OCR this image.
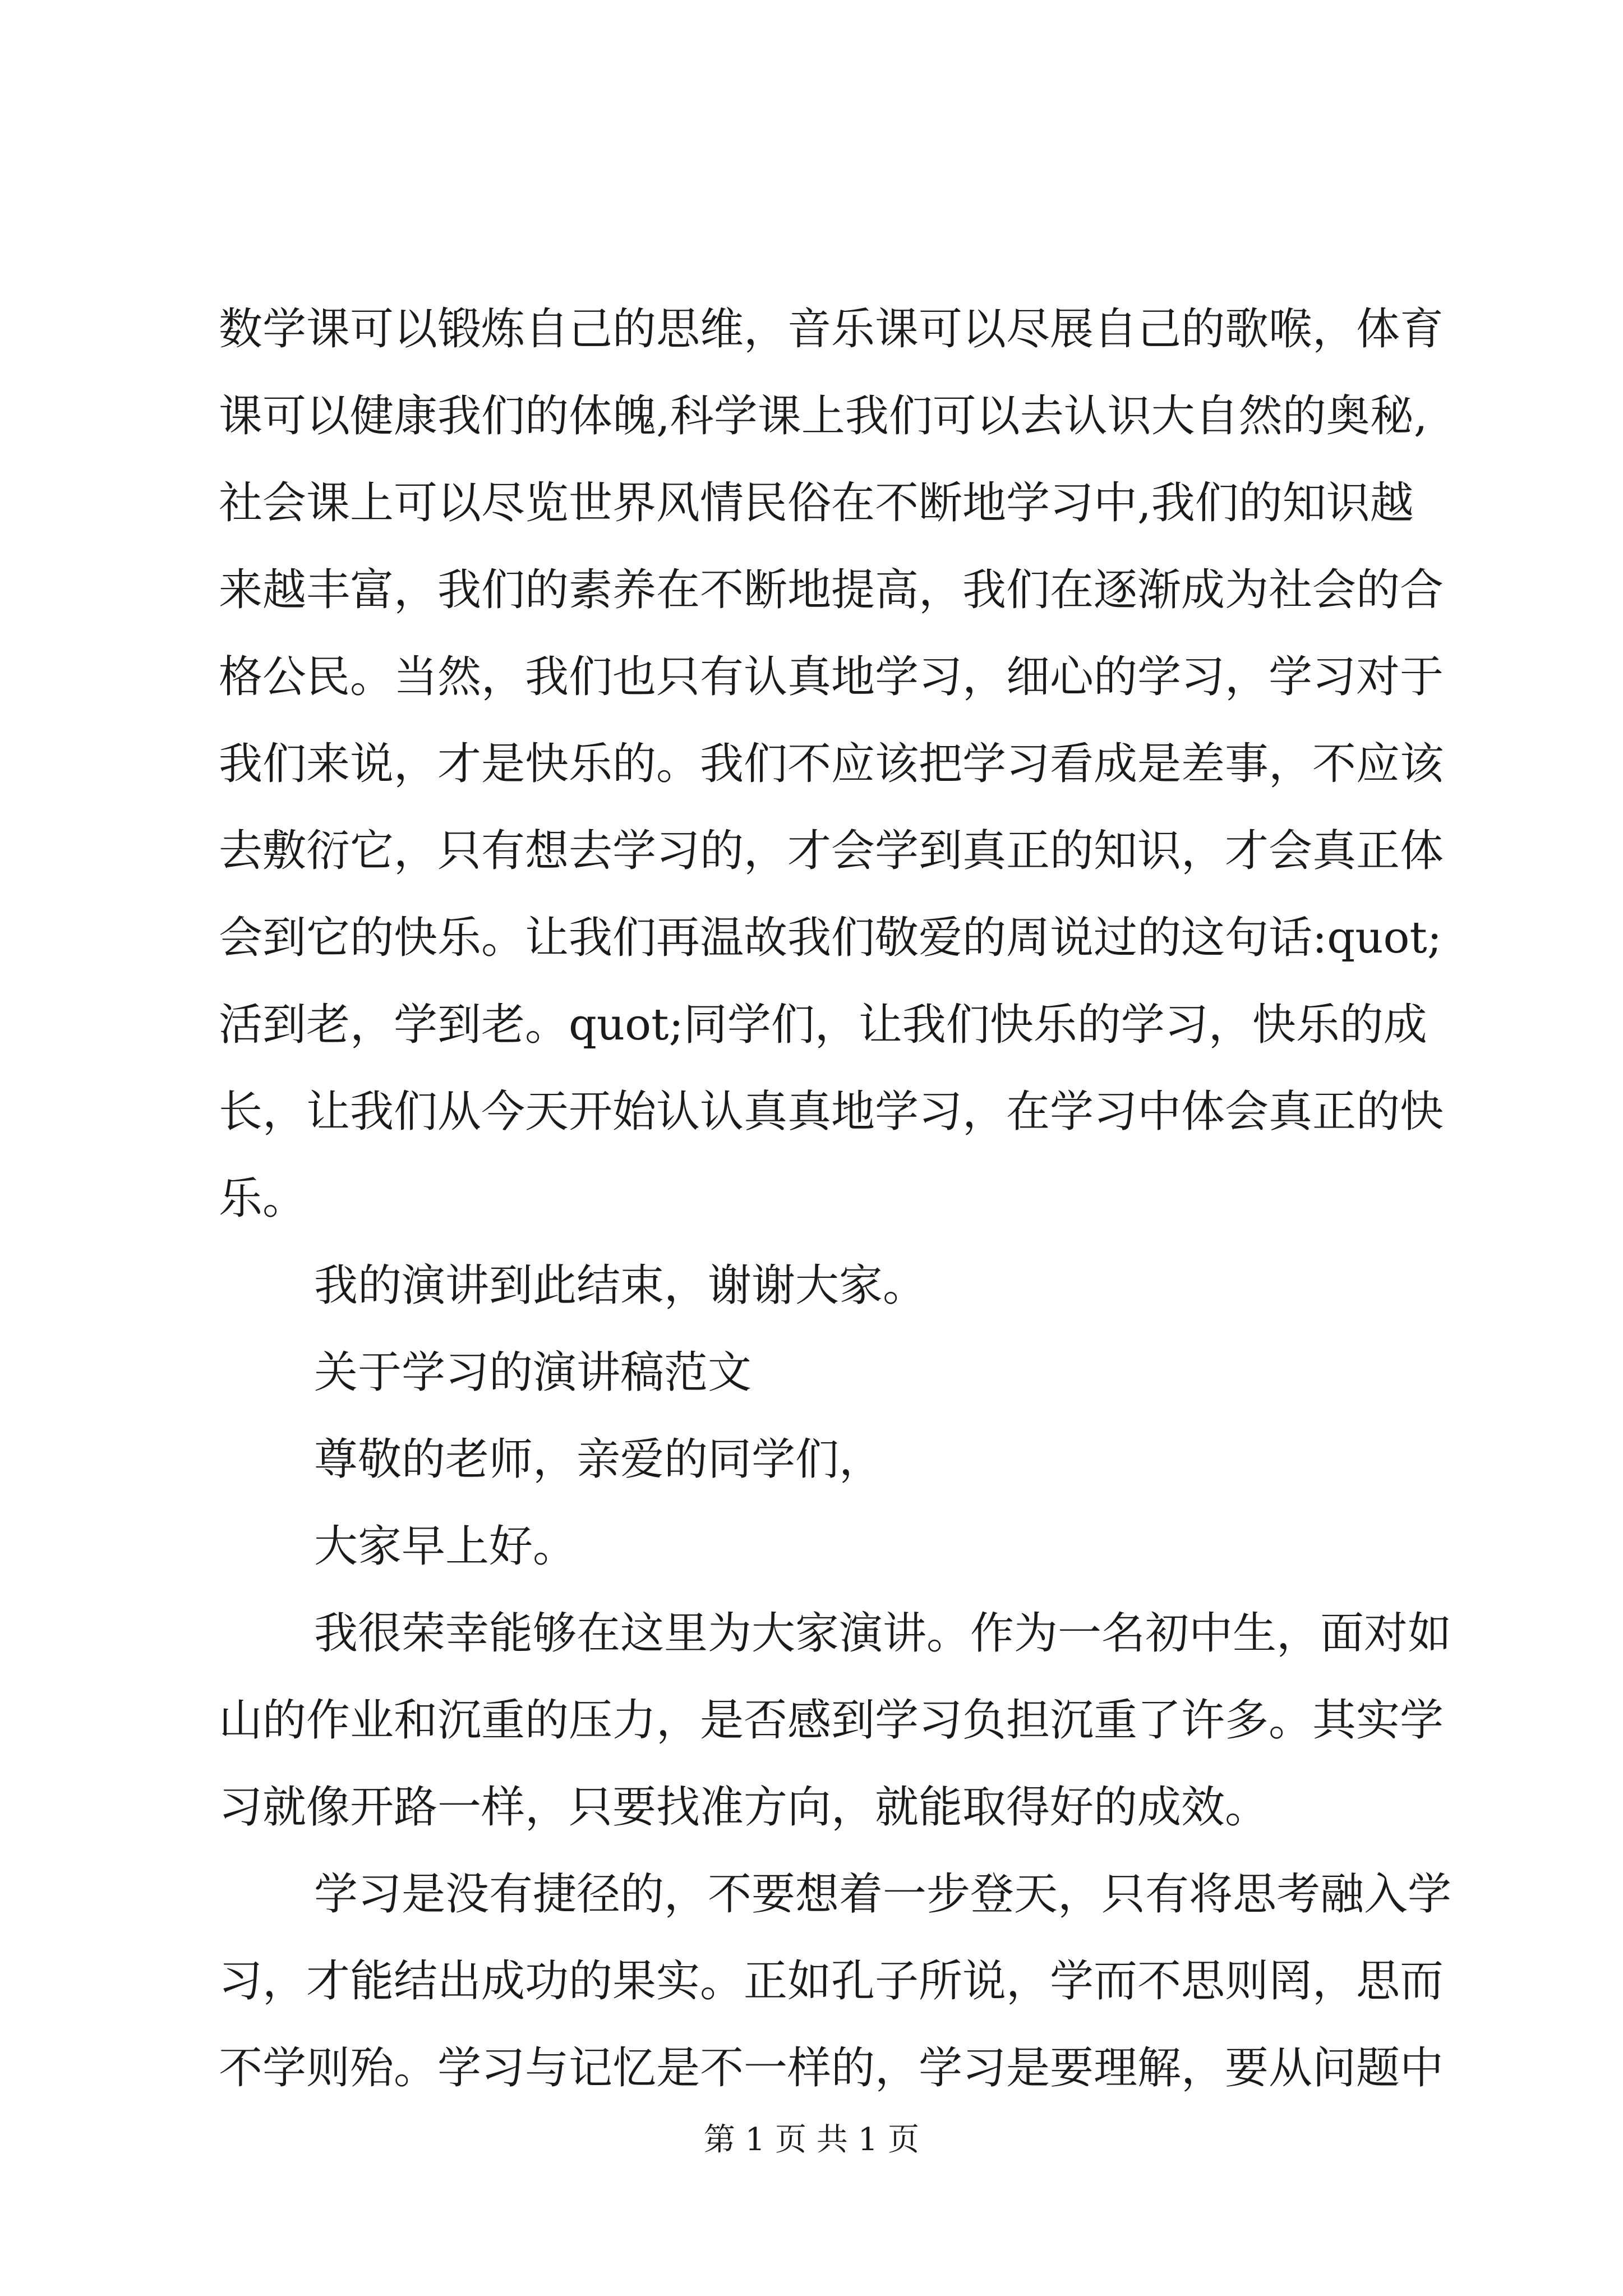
数学课可以锻炼自己的思维，音乐课可以尽展自己的歌喉，体育
课可以健康我们的体魄,科学课上我们可以去认识大自然的奥秘,
社会课上可以尽览世界风情民俗在不断地学习中,我们的知识越
来越丰富，我们的素养在不断地提高，我们在逐渐成为社会的合
格公民。当然，我们也只有认真地学习，细心的学习，学习对于
我们来说，才是快乐的。我们不应该把学习看成是差事，不应该
去敷衍它，只有想去学习的，才会学到真正的知识，才会真正体
会到它的快乐。让我们再温故我们敬爱的周说过的这句话:quot;
活到老，学到老。quot;同学们，让我们快乐的学习，快乐的成
长，让我们从今天开始认认真真地学习，在学习中体会真正的快
乐。
我的演讲到此结束，谢谢大家。
关于学习的演讲稿范文
尊敬的老师，亲爱的同学们，
大家早上好。
我很荣幸能够在这里为大家演讲。作为一名初中生，面对如
山的作业和沉重的压力，是否感到学习负担沉重了许多。其实学
习就像开路一样，只要找准方向，就能取得好的成效。
学习是没有捷径的，不要想着一步登天，只有将思考融入学
习，才能结出成功的果实。正如孔子所说，学而不思则罔，思而
不学则殆。学习与记忆是不一样的，学习是要理解，要从问题中
第 1 页 共 1 页
